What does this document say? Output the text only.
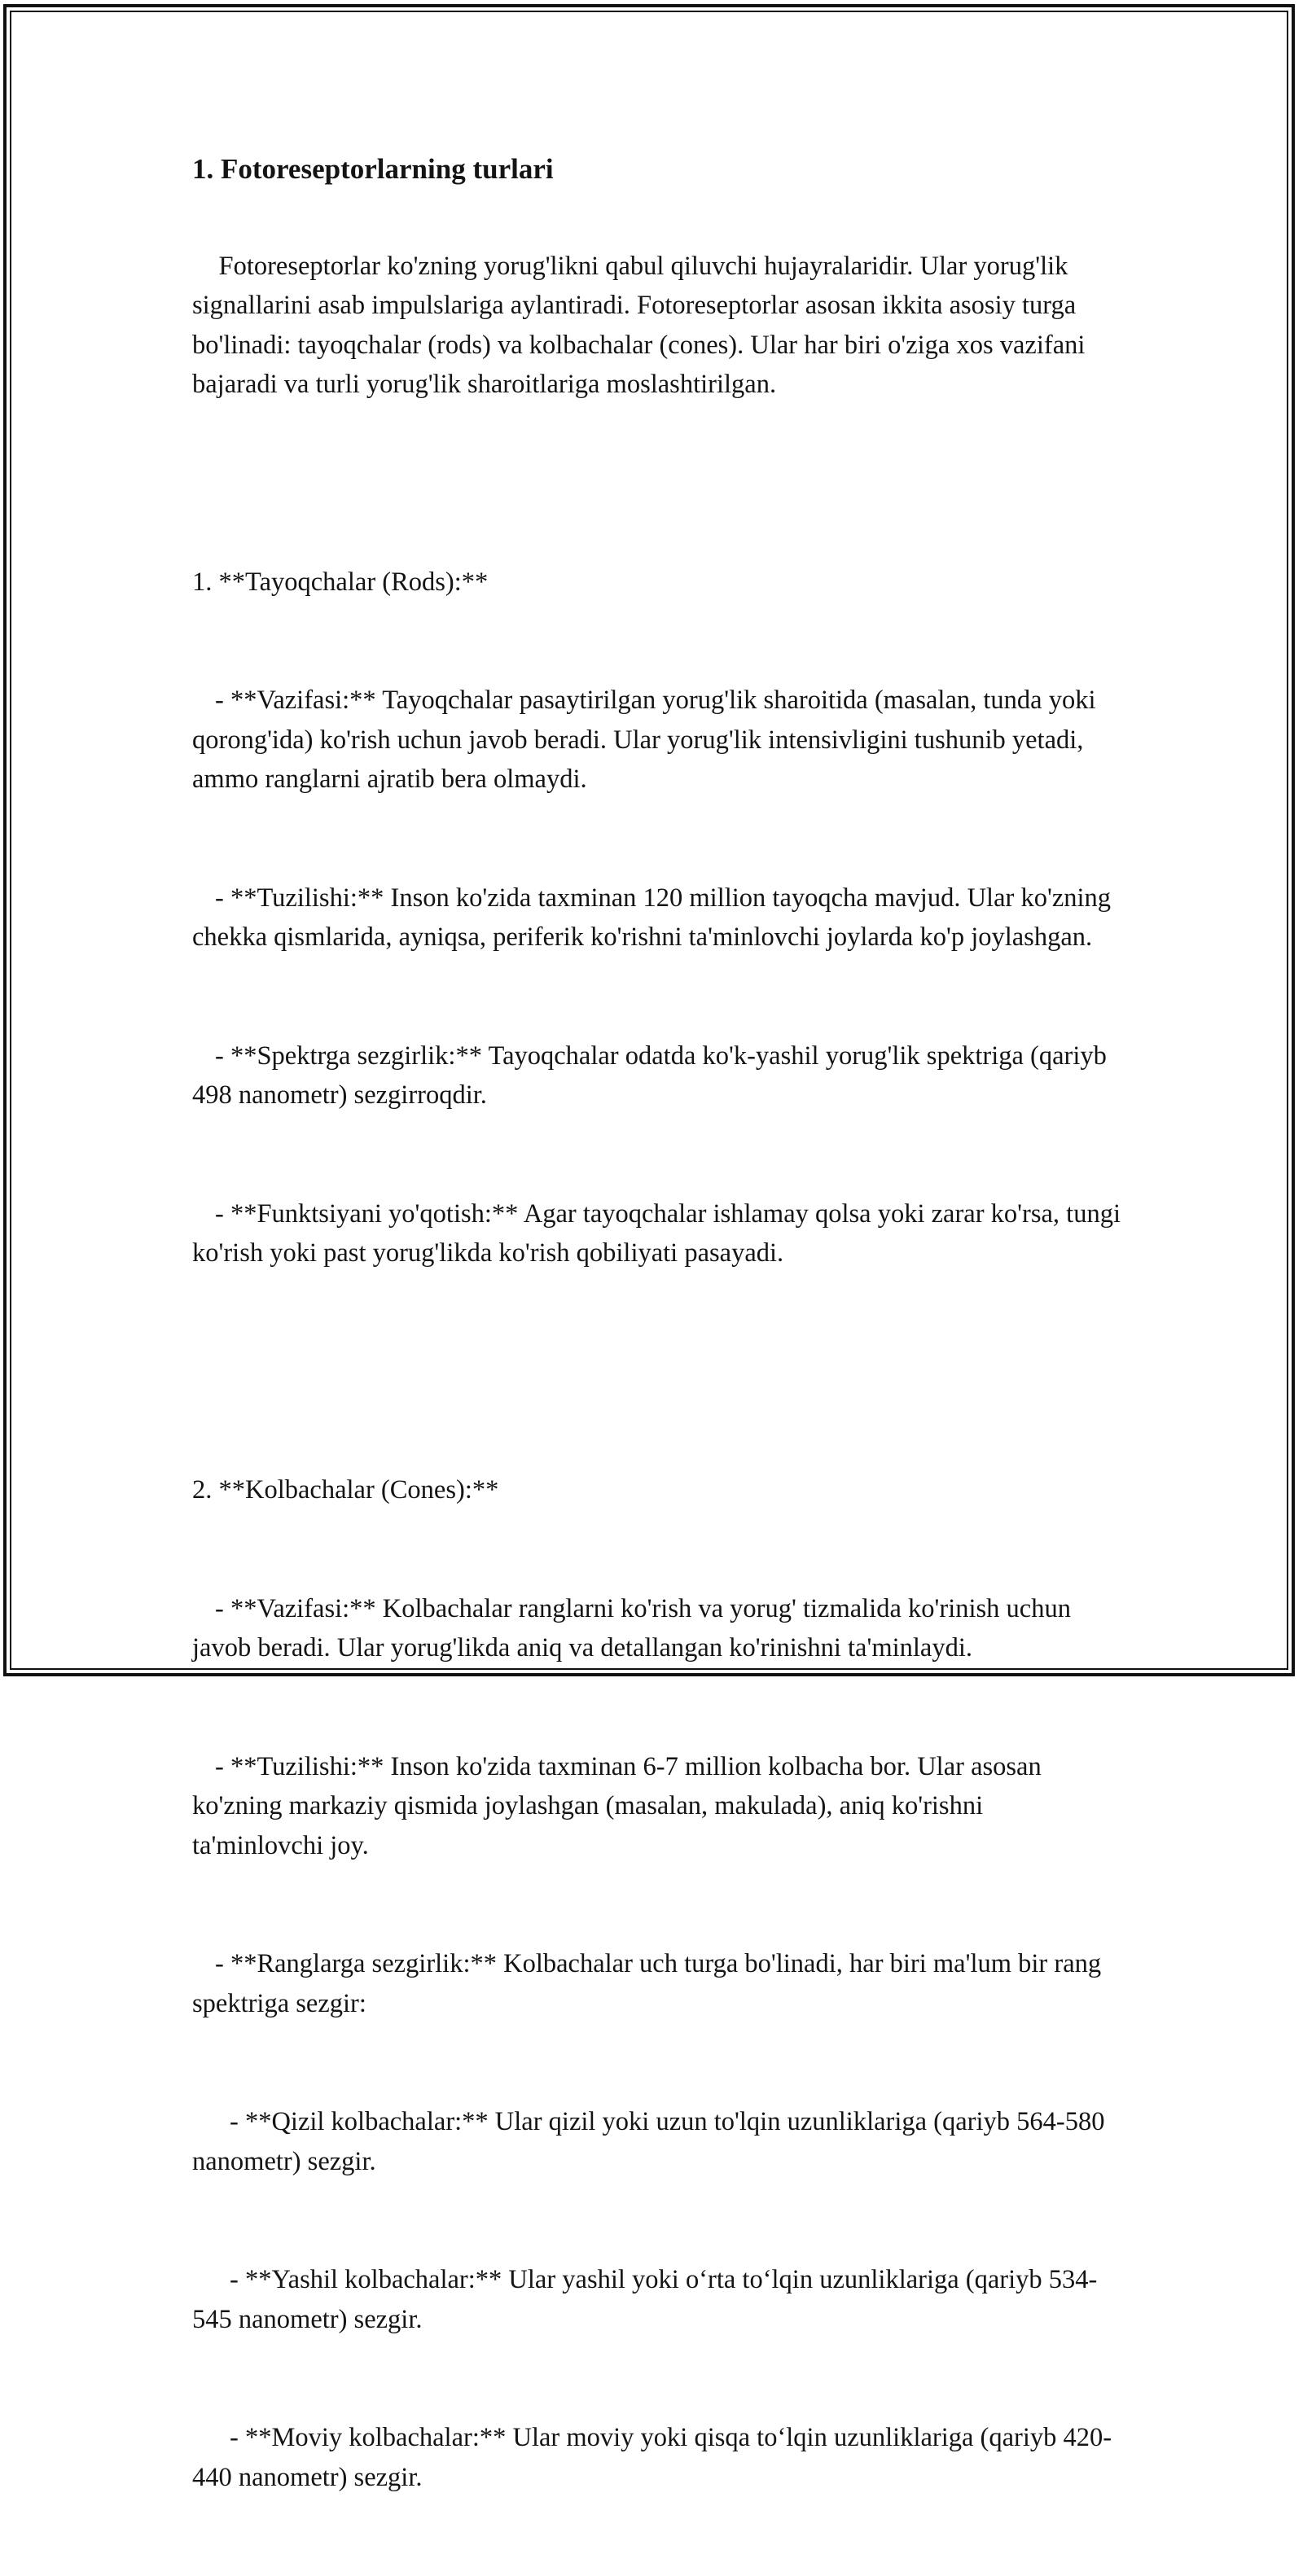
1. Fotoreseptorlarning turlari

Fotoreseptorlar ko'zning yorug'likni qabul qiluvchi hujayralaridir. Ular yorug'lik signallarini asab impulslariga aylantiradi. Fotoreseptorlar asosan ikkita asosiy turga bo'linadi: tayoqchalar (rods) va kolbachalar (cones). Ular har biri o'ziga xos vazifani bajaradi va turli yorug'lik sharoitlariga moslashtirilgan.

1. **Tayoqchalar (Rods):**

- **Vazifasi:** Tayoqchalar pasaytirilgan yorug'lik sharoitida (masalan, tunda yoki qorong'ida) ko'rish uchun javob beradi. Ular yorug'lik intensivligini tushunib yetadi, ammo ranglarni ajratib bera olmaydi.

- **Tuzilishi:** Inson ko'zida taxminan 120 million tayoqcha mavjud. Ular ko'zning chekka qismlarida, ayniqsa, periferik ko'rishni ta'minlovchi joylarda ko'p joylashgan.

- **Spektrga sezgirlik:** Tayoqchalar odatda ko'k-yashil yorug'lik spektriga (qariyb 498 nanometr) sezgirroqdir.

- **Funktsiyani yo'qotish:** Agar tayoqchalar ishlamay qolsa yoki zarar ko'rsa, tungi ko'rish yoki past yorug'likda ko'rish qobiliyati pasayadi.

2. **Kolbachalar (Cones):**

- **Vazifasi:** Kolbachalar ranglarni ko'rish va yorug' tizmalida ko'rinish uchun javob beradi. Ular yorug'likda aniq va detallangan ko'rinishni ta'minlaydi.

- **Tuzilishi:** Inson ko'zida taxminan 6-7 million kolbacha bor. Ular asosan ko'zning markaziy qismida joylashgan (masalan, makulada), aniq ko'rishni ta'minlovchi joy.

- **Ranglarga sezgirlik:** Kolbachalar uch turga bo'linadi, har biri ma'lum bir rang spektriga sezgir:

- **Qizil kolbachalar:** Ular qizil yoki uzun to'lqin uzunliklariga (qariyb 564-580 nanometr) sezgir.

- **Yashil kolbachalar:** Ular yashil yoki o‘rta to‘lqin uzunliklariga (qariyb 534-545 nanometr) sezgir.

- **Moviy kolbachalar:** Ular moviy yoki qisqa to‘lqin uzunliklariga (qariyb 420-440 nanometr) sezgir.
